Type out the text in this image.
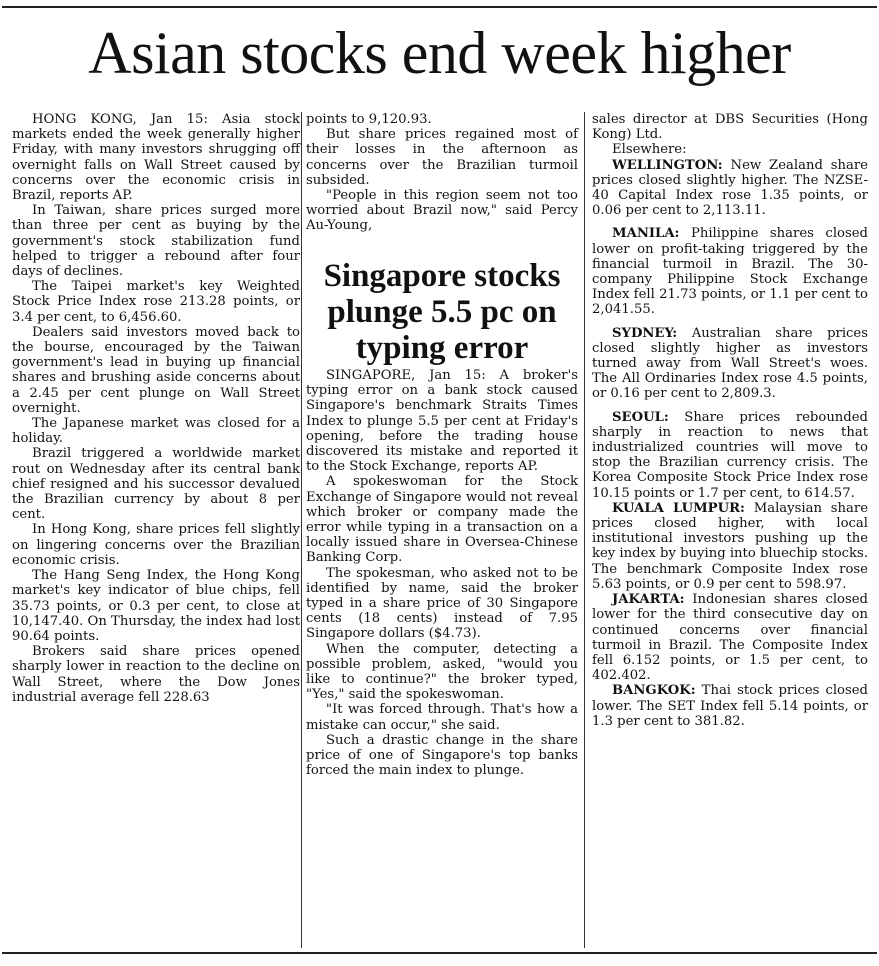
Asian stocks end week higher

HONG KONG, Jan 15: Asia stock markets ended the week generally higher Friday, with many investors shrugging off overnight falls on Wall Street caused by concerns over the economic crisis in Brazil, reports AP.

In Taiwan, share prices surged more than three per cent as buying by the government's stock stabilization fund helped to trigger a rebound after four days of declines.

The Taipei market's key Weighted Stock Price Index rose 213.28 points, or 3.4 per cent, to 6,456.60.

Dealers said investors moved back to the bourse, encouraged by the Taiwan government's lead in buying up financial shares and brushing aside concerns about a 2.45 per cent plunge on Wall Street overnight.

The Japanese market was closed for a holiday.

Brazil triggered a worldwide market rout on Wednesday after its central bank chief resigned and his successor devalued the Brazilian currency by about 8 per cent.

In Hong Kong, share prices fell slightly on lingering concerns over the Brazilian economic crisis.

The Hang Seng Index, the Hong Kong market's key indicator of blue chips, fell 35.73 points, or 0.3 per cent, to close at 10,147.40. On Thursday, the index had lost 90.64 points.

Brokers said share prices opened sharply lower in reaction to the decline on Wall Street, where the Dow Jones industrial average fell 228.63

points to 9,120.93.

But share prices regained most of their losses in the afternoon as concerns over the Brazilian turmoil subsided.

"People in this region seem not too worried about Brazil now," said Percy Au-Young,

Singapore stocks plunge 5.5 pc on typing error

SINGAPORE, Jan 15: A broker's typing error on a bank stock caused Singapore's benchmark Straits Times Index to plunge 5.5 per cent at Friday's opening, before the trading house discovered its mistake and reported it to the Stock Exchange, reports AP.

A spokeswoman for the Stock Exchange of Singapore would not reveal which broker or company made the error while typing in a transaction on a locally issued share in Oversea-Chinese Banking Corp.

The spokesman, who asked not to be identified by name, said the broker typed in a share price of 30 Singapore cents (18 cents) instead of 7.95 Singapore dollars ($4.73).

When the computer, detecting a possible problem, asked, "would you like to continue?" the broker typed, "Yes," said the spokeswoman.

"It was forced through. That's how a mistake can occur," she said.

Such a drastic change in the share price of one of Singapore's top banks forced the main index to plunge.

sales director at DBS Securities (Hong Kong) Ltd.

Elsewhere:

WELLINGTON: New Zealand share prices closed slightly higher. The NZSE-40 Capital Index rose 1.35 points, or 0.06 per cent to 2,113.11.

MANILA: Philippine shares closed lower on profit-taking triggered by the financial turmoil in Brazil. The 30-company Philippine Stock Exchange Index fell 21.73 points, or 1.1 per cent to 2,041.55.

SYDNEY: Australian share prices closed slightly higher as investors turned away from Wall Street's woes. The All Ordinaries Index rose 4.5 points, or 0.16 per cent to 2,809.3.

SEOUL: Share prices rebounded sharply in reaction to news that industrialized countries will move to stop the Brazilian currency crisis. The Korea Composite Stock Price Index rose 10.15 points or 1.7 per cent, to 614.57.

KUALA LUMPUR: Malaysian share prices closed higher, with local institutional investors pushing up the key index by buying into bluechip stocks. The benchmark Composite Index rose 5.63 points, or 0.9 per cent to 598.97.

JAKARTA: Indonesian shares closed lower for the third consecutive day on continued concerns over financial turmoil in Brazil. The Composite Index fell 6.152 points, or 1.5 per cent, to 402.402.

BANGKOK: Thai stock prices closed lower. The SET Index fell 5.14 points, or 1.3 per cent to 381.82.
